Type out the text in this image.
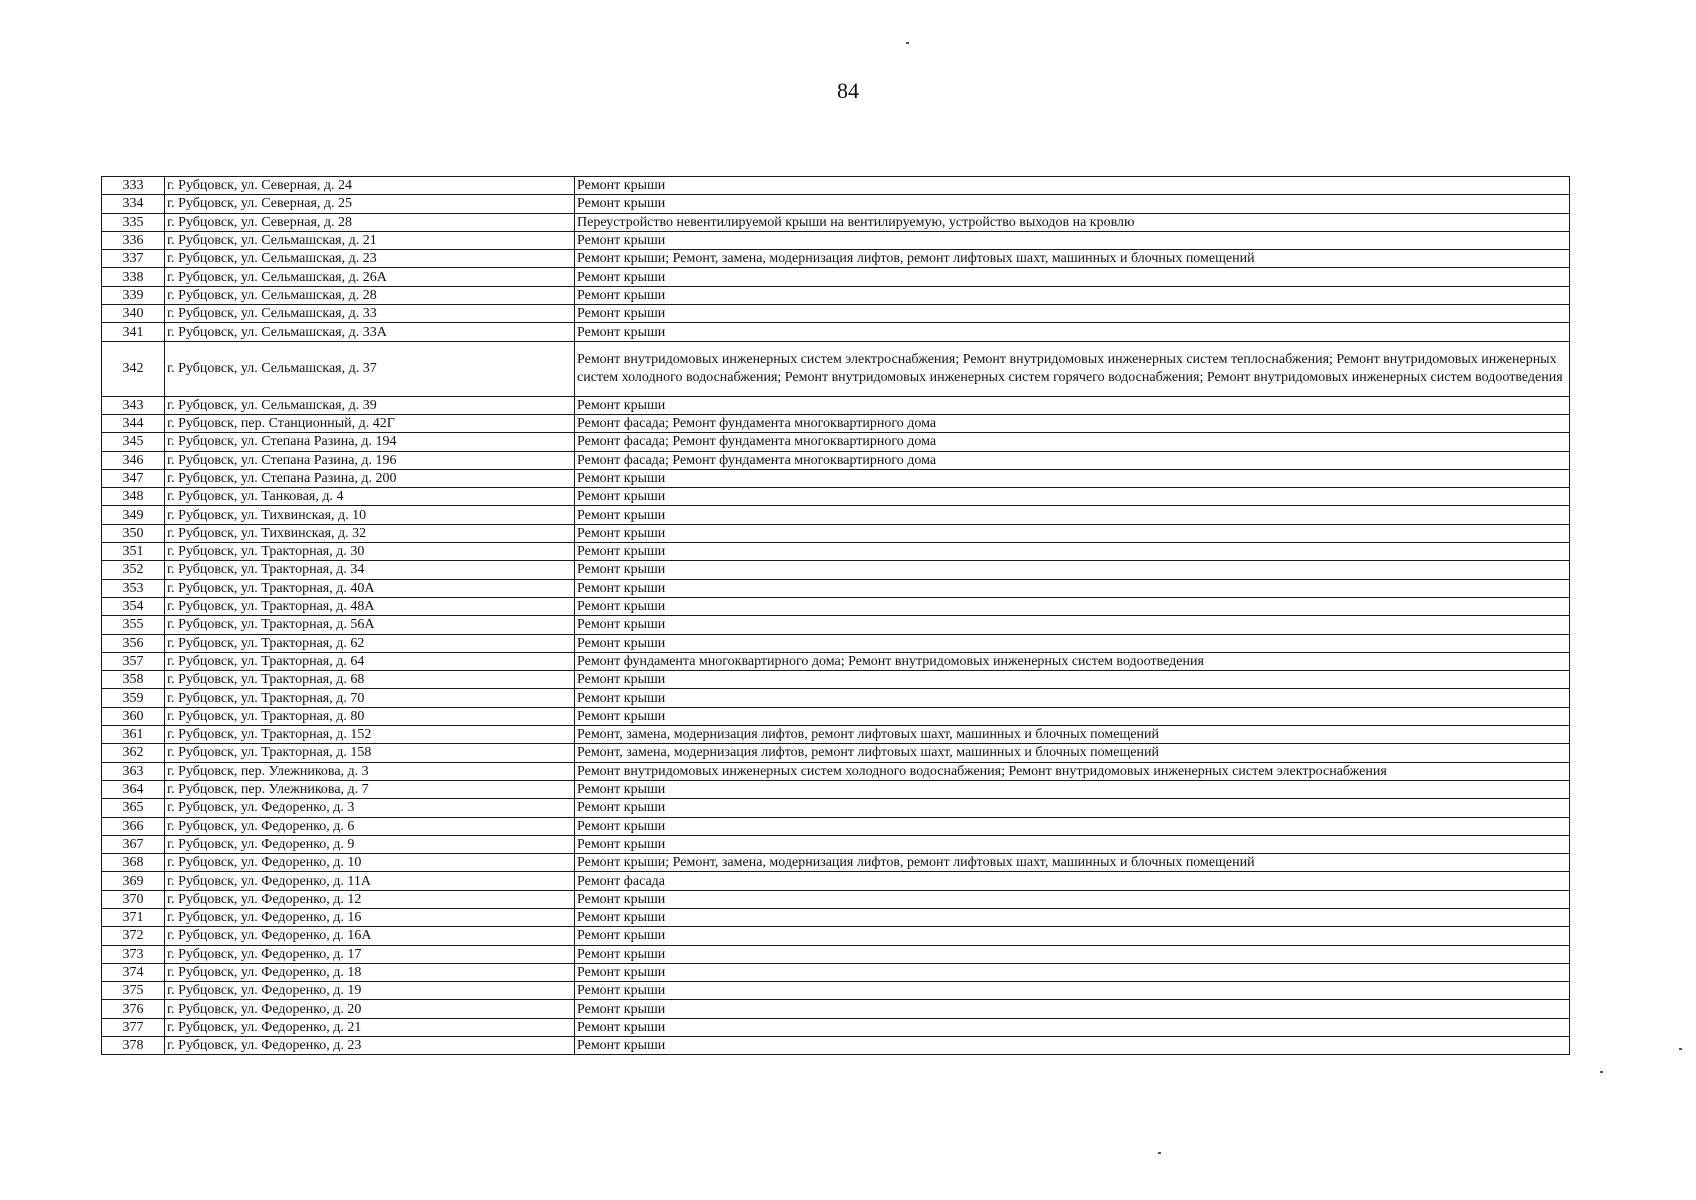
84
333	г. Рубцовск, ул. Северная, д. 24	Ремонт крыши
334	г. Рубцовск, ул. Северная, д. 25	Ремонт крыши
335	г. Рубцовск, ул. Северная, д. 28	Переустройство невентилируемой крыши на вентилируемую, устройство выходов на кровлю
336	г. Рубцовск, ул. Сельмашская, д. 21	Ремонт крыши
337	г. Рубцовск, ул. Сельмашская, д. 23	Ремонт крыши; Ремонт, замена, модернизация лифтов, ремонт лифтовых шахт, машинных и блочных помещений
338	г. Рубцовск, ул. Сельмашская, д. 26А	Ремонт крыши
339	г. Рубцовск, ул. Сельмашская, д. 28	Ремонт крыши
340	г. Рубцовск, ул. Сельмашская, д. 33	Ремонт крыши
341	г. Рубцовск, ул. Сельмашская, д. 33А	Ремонт крыши
342	г. Рубцовск, ул. Сельмашская, д. 37	Ремонт внутридомовых инженерных систем электроснабжения; Ремонт внутридомовых инженерных систем теплоснабжения; Ремонт внутридомовых инженерных систем холодного водоснабжения; Ремонт внутридомовых инженерных систем горячего водоснабжения; Ремонт внутридомовых инженерных систем водоотведения
343	г. Рубцовск, ул. Сельмашская, д. 39	Ремонт крыши
344	г. Рубцовск, пер. Станционный, д. 42Г	Ремонт фасада; Ремонт фундамента многоквартирного дома
345	г. Рубцовск, ул. Степана Разина, д. 194	Ремонт фасада; Ремонт фундамента многоквартирного дома
346	г. Рубцовск, ул. Степана Разина, д. 196	Ремонт фасада; Ремонт фундамента многоквартирного дома
347	г. Рубцовск, ул. Степана Разина, д. 200	Ремонт крыши
348	г. Рубцовск, ул. Танковая, д. 4	Ремонт крыши
349	г. Рубцовск, ул. Тихвинская, д. 10	Ремонт крыши
350	г. Рубцовск, ул. Тихвинская, д. 32	Ремонт крыши
351	г. Рубцовск, ул. Тракторная, д. 30	Ремонт крыши
352	г. Рубцовск, ул. Тракторная, д. 34	Ремонт крыши
353	г. Рубцовск, ул. Тракторная, д. 40А	Ремонт крыши
354	г. Рубцовск, ул. Тракторная, д. 48А	Ремонт крыши
355	г. Рубцовск, ул. Тракторная, д. 56А	Ремонт крыши
356	г. Рубцовск, ул. Тракторная, д. 62	Ремонт крыши
357	г. Рубцовск, ул. Тракторная, д. 64	Ремонт фундамента многоквартирного дома; Ремонт внутридомовых инженерных систем водоотведения
358	г. Рубцовск, ул. Тракторная, д. 68	Ремонт крыши
359	г. Рубцовск, ул. Тракторная, д. 70	Ремонт крыши
360	г. Рубцовск, ул. Тракторная, д. 80	Ремонт крыши
361	г. Рубцовск, ул. Тракторная, д. 152	Ремонт, замена, модернизация лифтов, ремонт лифтовых шахт, машинных и блочных помещений
362	г. Рубцовск, ул. Тракторная, д. 158	Ремонт, замена, модернизация лифтов, ремонт лифтовых шахт, машинных и блочных помещений
363	г. Рубцовск, пер. Улежникова, д. 3	Ремонт внутридомовых инженерных систем холодного водоснабжения; Ремонт внутридомовых инженерных систем электроснабжения
364	г. Рубцовск, пер. Улежникова, д. 7	Ремонт крыши
365	г. Рубцовск, ул. Федоренко, д. 3	Ремонт крыши
366	г. Рубцовск, ул. Федоренко, д. 6	Ремонт крыши
367	г. Рубцовск, ул. Федоренко, д. 9	Ремонт крыши
368	г. Рубцовск, ул. Федоренко, д. 10	Ремонт крыши; Ремонт, замена, модернизация лифтов, ремонт лифтовых шахт, машинных и блочных помещений
369	г. Рубцовск, ул. Федоренко, д. 11А	Ремонт фасада
370	г. Рубцовск, ул. Федоренко, д. 12	Ремонт крыши
371	г. Рубцовск, ул. Федоренко, д. 16	Ремонт крыши
372	г. Рубцовск, ул. Федоренко, д. 16А	Ремонт крыши
373	г. Рубцовск, ул. Федоренко, д. 17	Ремонт крыши
374	г. Рубцовск, ул. Федоренко, д. 18	Ремонт крыши
375	г. Рубцовск, ул. Федоренко, д. 19	Ремонт крыши
376	г. Рубцовск, ул. Федоренко, д. 20	Ремонт крыши
377	г. Рубцовск, ул. Федоренко, д. 21	Ремонт крыши
378	г. Рубцовск, ул. Федоренко, д. 23	Ремонт крыши
